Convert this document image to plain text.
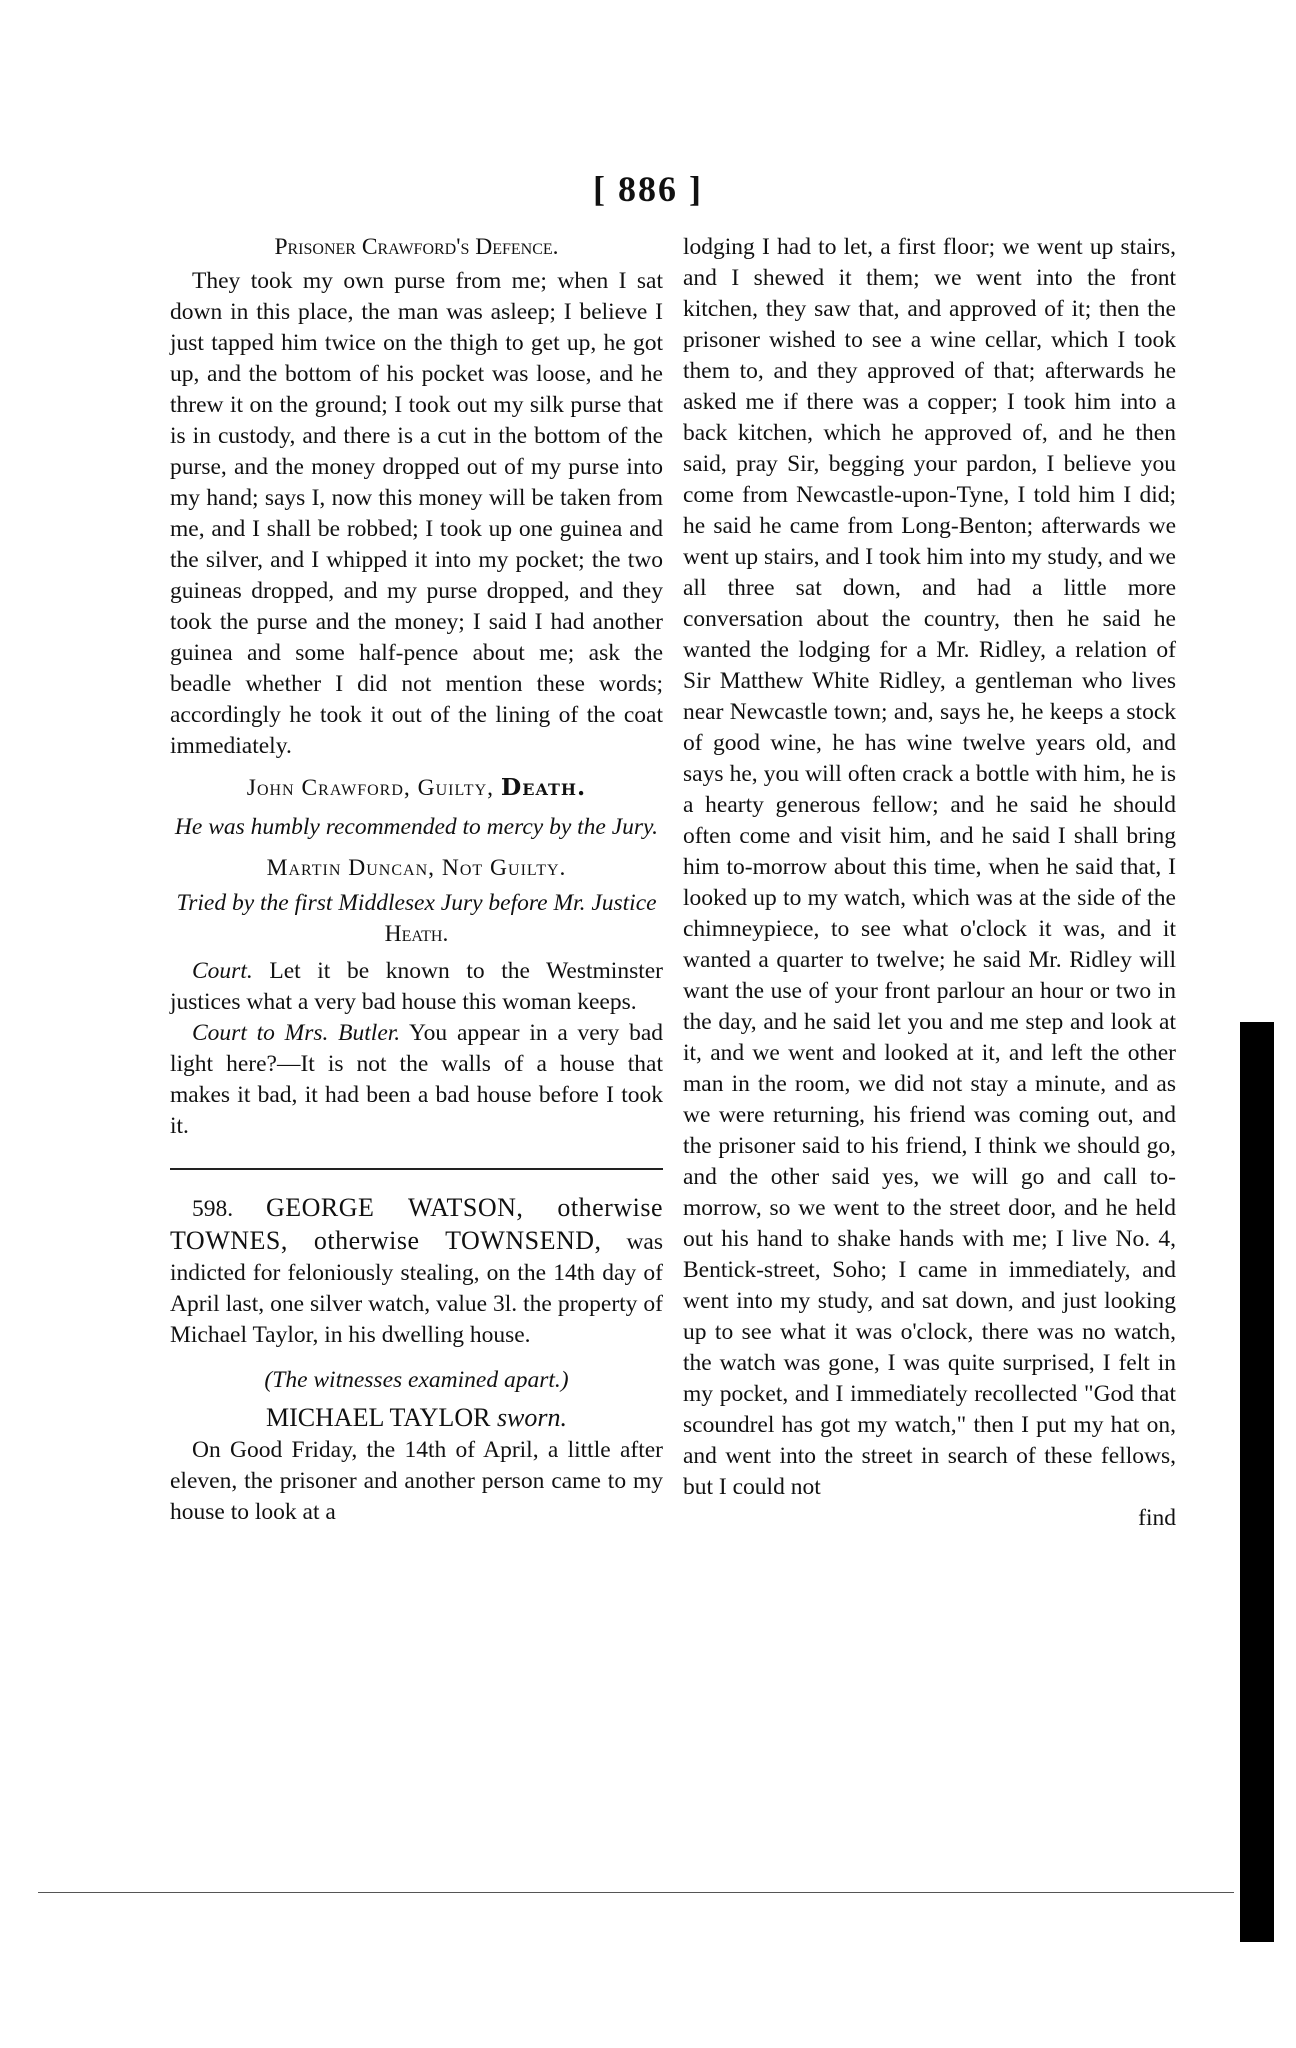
[ 886 ]

Prisoner Crawford's Defence.

They took my own purse from me; when I sat down in this place, the man was asleep; I believe I just tapped him twice on the thigh to get up, he got up, and the bottom of his pocket was loose, and he threw it on the ground; I took out my silk purse that is in custody, and there is a cut in the bottom of the purse, and the money dropped out of my purse into my hand; says I, now this money will be taken from me, and I shall be robbed; I took up one guinea and the silver, and I whipped it into my pocket; the two guineas dropped, and my purse dropped, and they took the purse and the money; I said I had another guinea and some half-pence about me; ask the beadle whether I did not mention these words; accordingly he took it out of the lining of the coat immediately.

John Crawford, Guilty, Death.

He was humbly recommended to mercy by the Jury.

Martin Duncan, Not Guilty.

Tried by the first Middlesex Jury before Mr. Justice Heath.

Court. Let it be known to the Westminster justices what a very bad house this woman keeps.

Court to Mrs. Butler. You appear in a very bad light here?—It is not the walls of a house that makes it bad, it had been a bad house before I took it.

598. GEORGE WATSON, otherwise TOWNES, otherwise TOWNSEND, was indicted for feloniously stealing, on the 14th day of April last, one silver watch, value 3l. the property of Michael Taylor, in his dwelling house.

(The witnesses examined apart.)

MICHAEL TAYLOR sworn.

On Good Friday, the 14th of April, a little after eleven, the prisoner and another person came to my house to look at a

lodging I had to let, a first floor; we went up stairs, and I shewed it them; we went into the front kitchen, they saw that, and approved of it; then the prisoner wished to see a wine cellar, which I took them to, and they approved of that; afterwards he asked me if there was a copper; I took him into a back kitchen, which he approved of, and he then said, pray Sir, begging your pardon, I believe you come from Newcastle-upon-Tyne, I told him I did; he said he came from Long-Benton; afterwards we went up stairs, and I took him into my study, and we all three sat down, and had a little more conversation about the country, then he said he wanted the lodging for a Mr. Ridley, a relation of Sir Matthew White Ridley, a gentleman who lives near Newcastle town; and, says he, he keeps a stock of good wine, he has wine twelve years old, and says he, you will often crack a bottle with him, he is a hearty generous fellow; and he said he should often come and visit him, and he said I shall bring him to-morrow about this time, when he said that, I looked up to my watch, which was at the side of the chimneypiece, to see what o'clock it was, and it wanted a quarter to twelve; he said Mr. Ridley will want the use of your front parlour an hour or two in the day, and he said let you and me step and look at it, and we went and looked at it, and left the other man in the room, we did not stay a minute, and as we were returning, his friend was coming out, and the prisoner said to his friend, I think we should go, and the other said yes, we will go and call to-morrow, so we went to the street door, and he held out his hand to shake hands with me; I live No. 4, Bentick-street, Soho; I came in immediately, and went into my study, and sat down, and just looking up to see what it was o'clock, there was no watch, the watch was gone, I was quite surprised, I felt in my pocket, and I immediately recollected "God that scoundrel has got my watch," then I put my hat on, and went into the street in search of these fellows, but I could not

find
